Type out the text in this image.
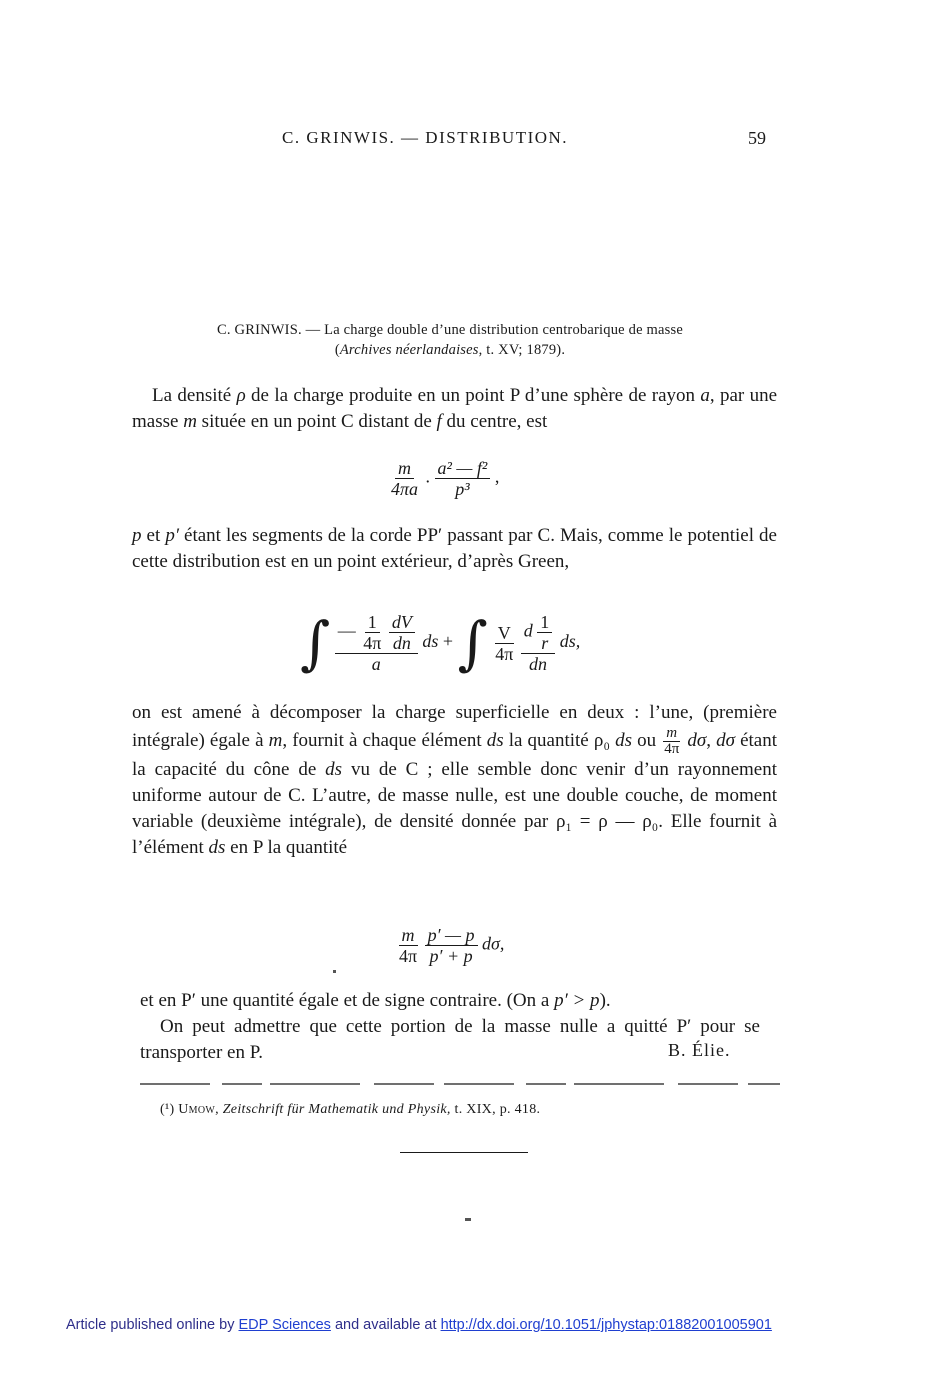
C. GRINWIS. — DISTRIBUTION.	59
C. GRINWIS. — La charge double d’une distribution centrobarique de masse
(Archives néerlandaises, t. XV; 1879).
La densité ρ de la charge produite en un point P d’une sphère de rayon a, par une masse m située en un point C distant de f du centre, est
$\frac{m}{4\pi a}$ . $\frac{\text{a² — f²}}{\text{p³}}$ ,
p et p′ étant les segments de la corde PP′ passant par C. Mais, comme le potentiel de cette distribution est en un point extérieur, d’après Green,
∫ — $\frac{1}{4\pi}$
$\frac{dV}{dn}$
a ds + ∫ $\frac{V}{4\pi}$
$\frac{d \frac{1}{r}}{dn}$ ds,
on est amené à décomposer la charge superficielle en deux : l’une, (première intégrale) égale à m, fournit à chaque élément ds la quantité ρ₀ ds ou $\frac{m}{4\pi} d\sigma$, dσ étant la capacité du cône de ds vu de C ; elle semble donc venir d’un rayonnement uniforme autour de C. L’autre, de masse nulle, est une double couche, de moment variable (deuxième intégrale), de densité donnée par ρ₁ = ρ — ρ₀. Elle fournit à l’élément ds en P la quantité
$\frac{m}{4\pi}$
$\frac{p' — p}{p' + p} d\sigma$,
et en P′ une quantité égale et de signe contraire. (On a p′ > p).
On peut admettre que cette portion de la masse nulle a quitté P′ pour se transporter en P.	B. Élie.
(¹) Umow, Zeitschrift für Mathematik und Physik, t. XIX, p. 418.
Article published online by EDP Sciences and available at http://dx.doi.org/10.1051/jphystap:01882001005901
